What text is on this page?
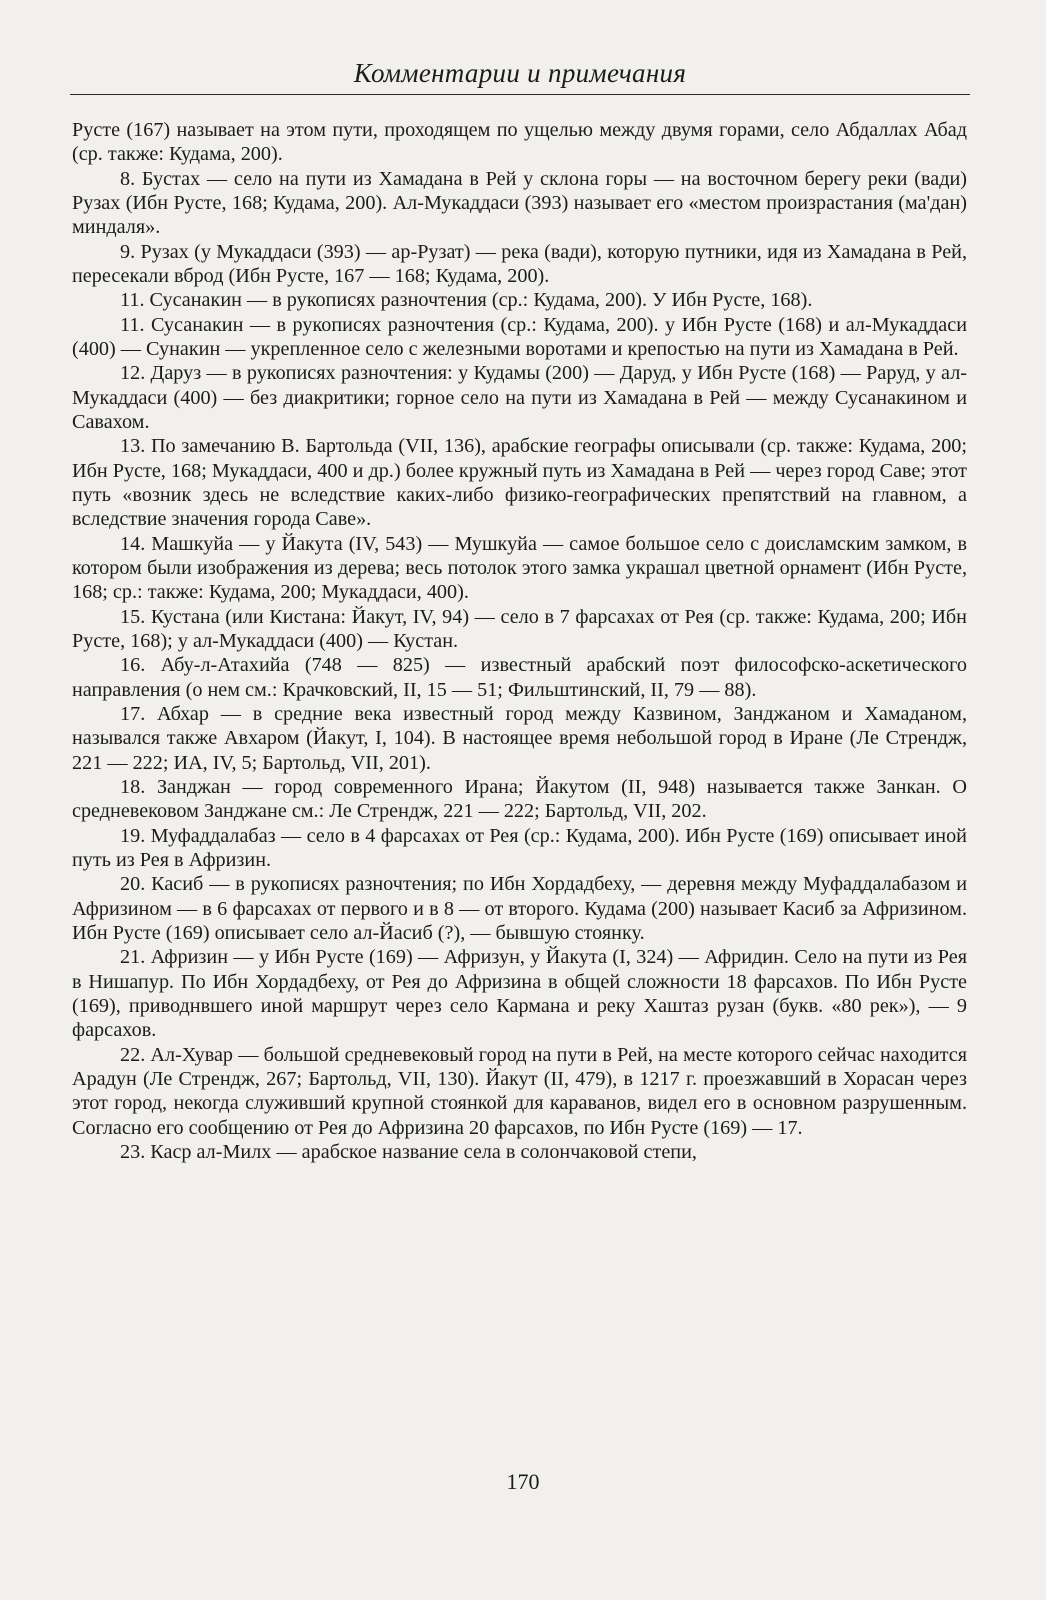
Комментарии и примечания

Русте (167) называет на этом пути, проходящем по ущелью между двумя горами, село Абдаллах Абад (ср. также: Кудама, 200).

8. Бустах — село на пути из Хамадана в Рей у склона горы — на восточном берегу реки (вади) Рузах (Ибн Русте, 168; Кудама, 200). Ал-Мукаддаси (393) называет его «местом произрастания (ма'дан) миндаля».

9. Рузах (у Мукаддаси (393) — ар-Рузат) — река (вади), которую путники, идя из Хамадана в Рей, пересекали вброд (Ибн Русте, 167 — 168; Кудама, 200).

11. Сусанакин — в рукописях разночтения (ср.: Кудама, 200). У Ибн Русте, 168).

11. Сусанакин — в рукописях разночтения (ср.: Кудама, 200). у Ибн Русте (168) и ал-Мукаддаси (400) — Сунакин — укрепленное село с железными воротами и крепостью на пути из Хамадана в Рей.

12. Даруз — в рукописях разночтения: у Кудамы (200) — Даруд, у Ибн Русте (168) — Раруд, у ал-Мукаддаси (400) — без диакритики; горное село на пути из Хамадана в Рей — между Сусанакином и Савахом.

13. По замечанию В. Бартольда (VII, 136), арабские географы описывали (ср. также: Кудама, 200; Ибн Русте, 168; Мукаддаси, 400 и др.) более кружный путь из Хамадана в Рей — через город Саве; этот путь «возник здесь не вследствие каких-либо физико-географических препятствий на главном, а вследствие значения города Саве».

14. Машкуйа — у Йакута (IV, 543) — Мушкуйа — самое большое село с доисламским замком, в котором были изображения из дерева; весь потолок этого замка украшал цветной орнамент (Ибн Русте, 168; ср.: также: Кудама, 200; Мукаддаси, 400).

15. Кустана (или Кистана: Йакут, IV, 94) — село в 7 фарсахах от Рея (ср. также: Кудама, 200; Ибн Русте, 168); у ал-Мукаддаси (400) — Кустан.

16. Абу-л-Атахийа (748 — 825) — известный арабский поэт философско-аскетического направления (о нем см.: Крачковский, II, 15 — 51; Фильштинский, II, 79 — 88).

17. Абхар — в средние века известный город между Казвином, Занджаном и Хамаданом, назывался также Авхаром (Йакут, I, 104). В настоящее время небольшой город в Иране (Ле Стрендж, 221 — 222; ИА, IV, 5; Бартольд, VII, 201).

18. Занджан — город современного Ирана; Йакутом (II, 948) называется также Занкан. О средневековом Занджане см.: Ле Стрендж, 221 — 222; Бартольд, VII, 202.

19. Муфаддалабаз — село в 4 фарсахах от Рея (ср.: Кудама, 200). Ибн Русте (169) описывает иной путь из Рея в Афризин.

20. Касиб — в рукописях разночтения; по Ибн Хордадбеху, — деревня между Муфаддалабазом и Афризином — в 6 фарсахах от первого и в 8 — от второго. Кудама (200) называет Касиб за Афризином. Ибн Русте (169) описывает село ал-Йасиб (?), — бывшую стоянку.

21. Афризин — у Ибн Русте (169) — Афризун, у Йакута (I, 324) — Афридин. Село на пути из Рея в Нишапур. По Ибн Хордадбеху, от Рея до Афризина в общей сложности 18 фарсахов. По Ибн Русте (169), приводнвшего иной маршрут через село Кармана и реку Хаштаз рузан (букв. «80 рек»), — 9 фарсахов.

22. Ал-Хувар — большой средневековый город на пути в Рей, на месте которого сейчас находится Арадун (Ле Стрендж, 267; Бартольд, VII, 130). Йакут (II, 479), в 1217 г. проезжавший в Хорасан через этот город, некогда служивший крупной стоянкой для караванов, видел его в основном разрушенным. Согласно его сообщению от Рея до Афризина 20 фарсахов, по Ибн Русте (169) — 17.

23. Каср ал-Милх — арабское название села в солончаковой степи,

170
